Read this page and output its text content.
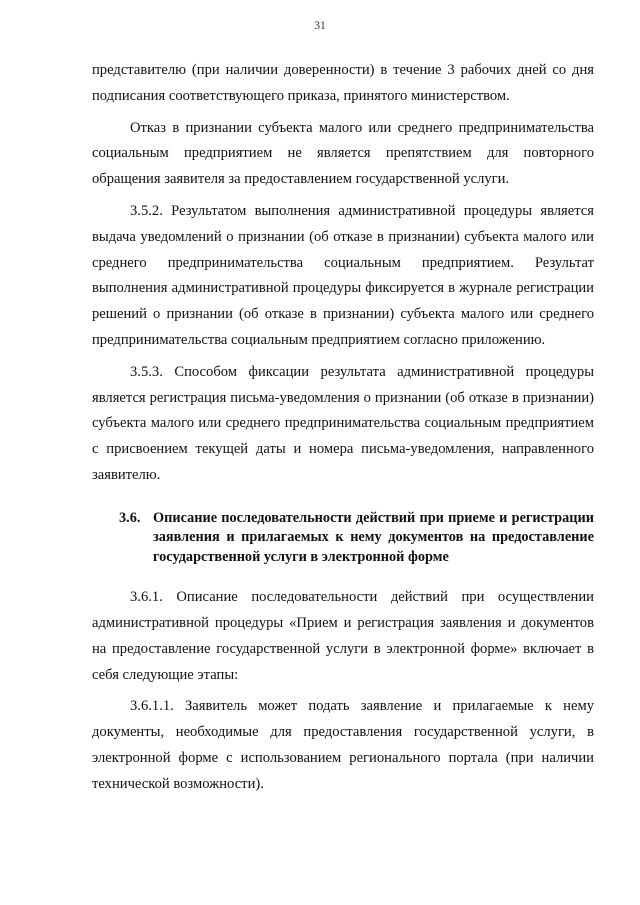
31

представителю (при наличии доверенности) в течение 3 рабочих дней со дня подписания соответствующего приказа, принятого министерством.

Отказ в признании субъекта малого или среднего предпринимательства социальным предприятием не является препятствием для повторного обращения заявителя за предоставлением государственной услуги.

3.5.2. Результатом выполнения административной процедуры является выдача уведомлений о признании (об отказе в признании) субъекта малого или среднего предпринимательства социальным предприятием. Результат выполнения административной процедуры фиксируется в журнале регистрации решений о признании (об отказе в признании) субъекта малого или среднего предпринимательства социальным предприятием согласно приложению.

3.5.3. Способом фиксации результата административной процедуры является регистрация письма-уведомления о признании (об отказе в признании) субъекта малого или среднего предпринимательства социальным предприятием с присвоением текущей даты и номера письма-уведомления, направленного заявителю.

3.6. Описание последовательности действий при приеме и регистрации заявления и прилагаемых к нему документов на предоставление государственной услуги в электронной форме

3.6.1. Описание последовательности действий при осуществлении административной процедуры «Прием и регистрация заявления и документов на предоставление государственной услуги в электронной форме» включает в себя следующие этапы:

3.6.1.1. Заявитель может подать заявление и прилагаемые к нему документы, необходимые для предоставления государственной услуги, в электронной форме с использованием регионального портала (при наличии технической возможности).
